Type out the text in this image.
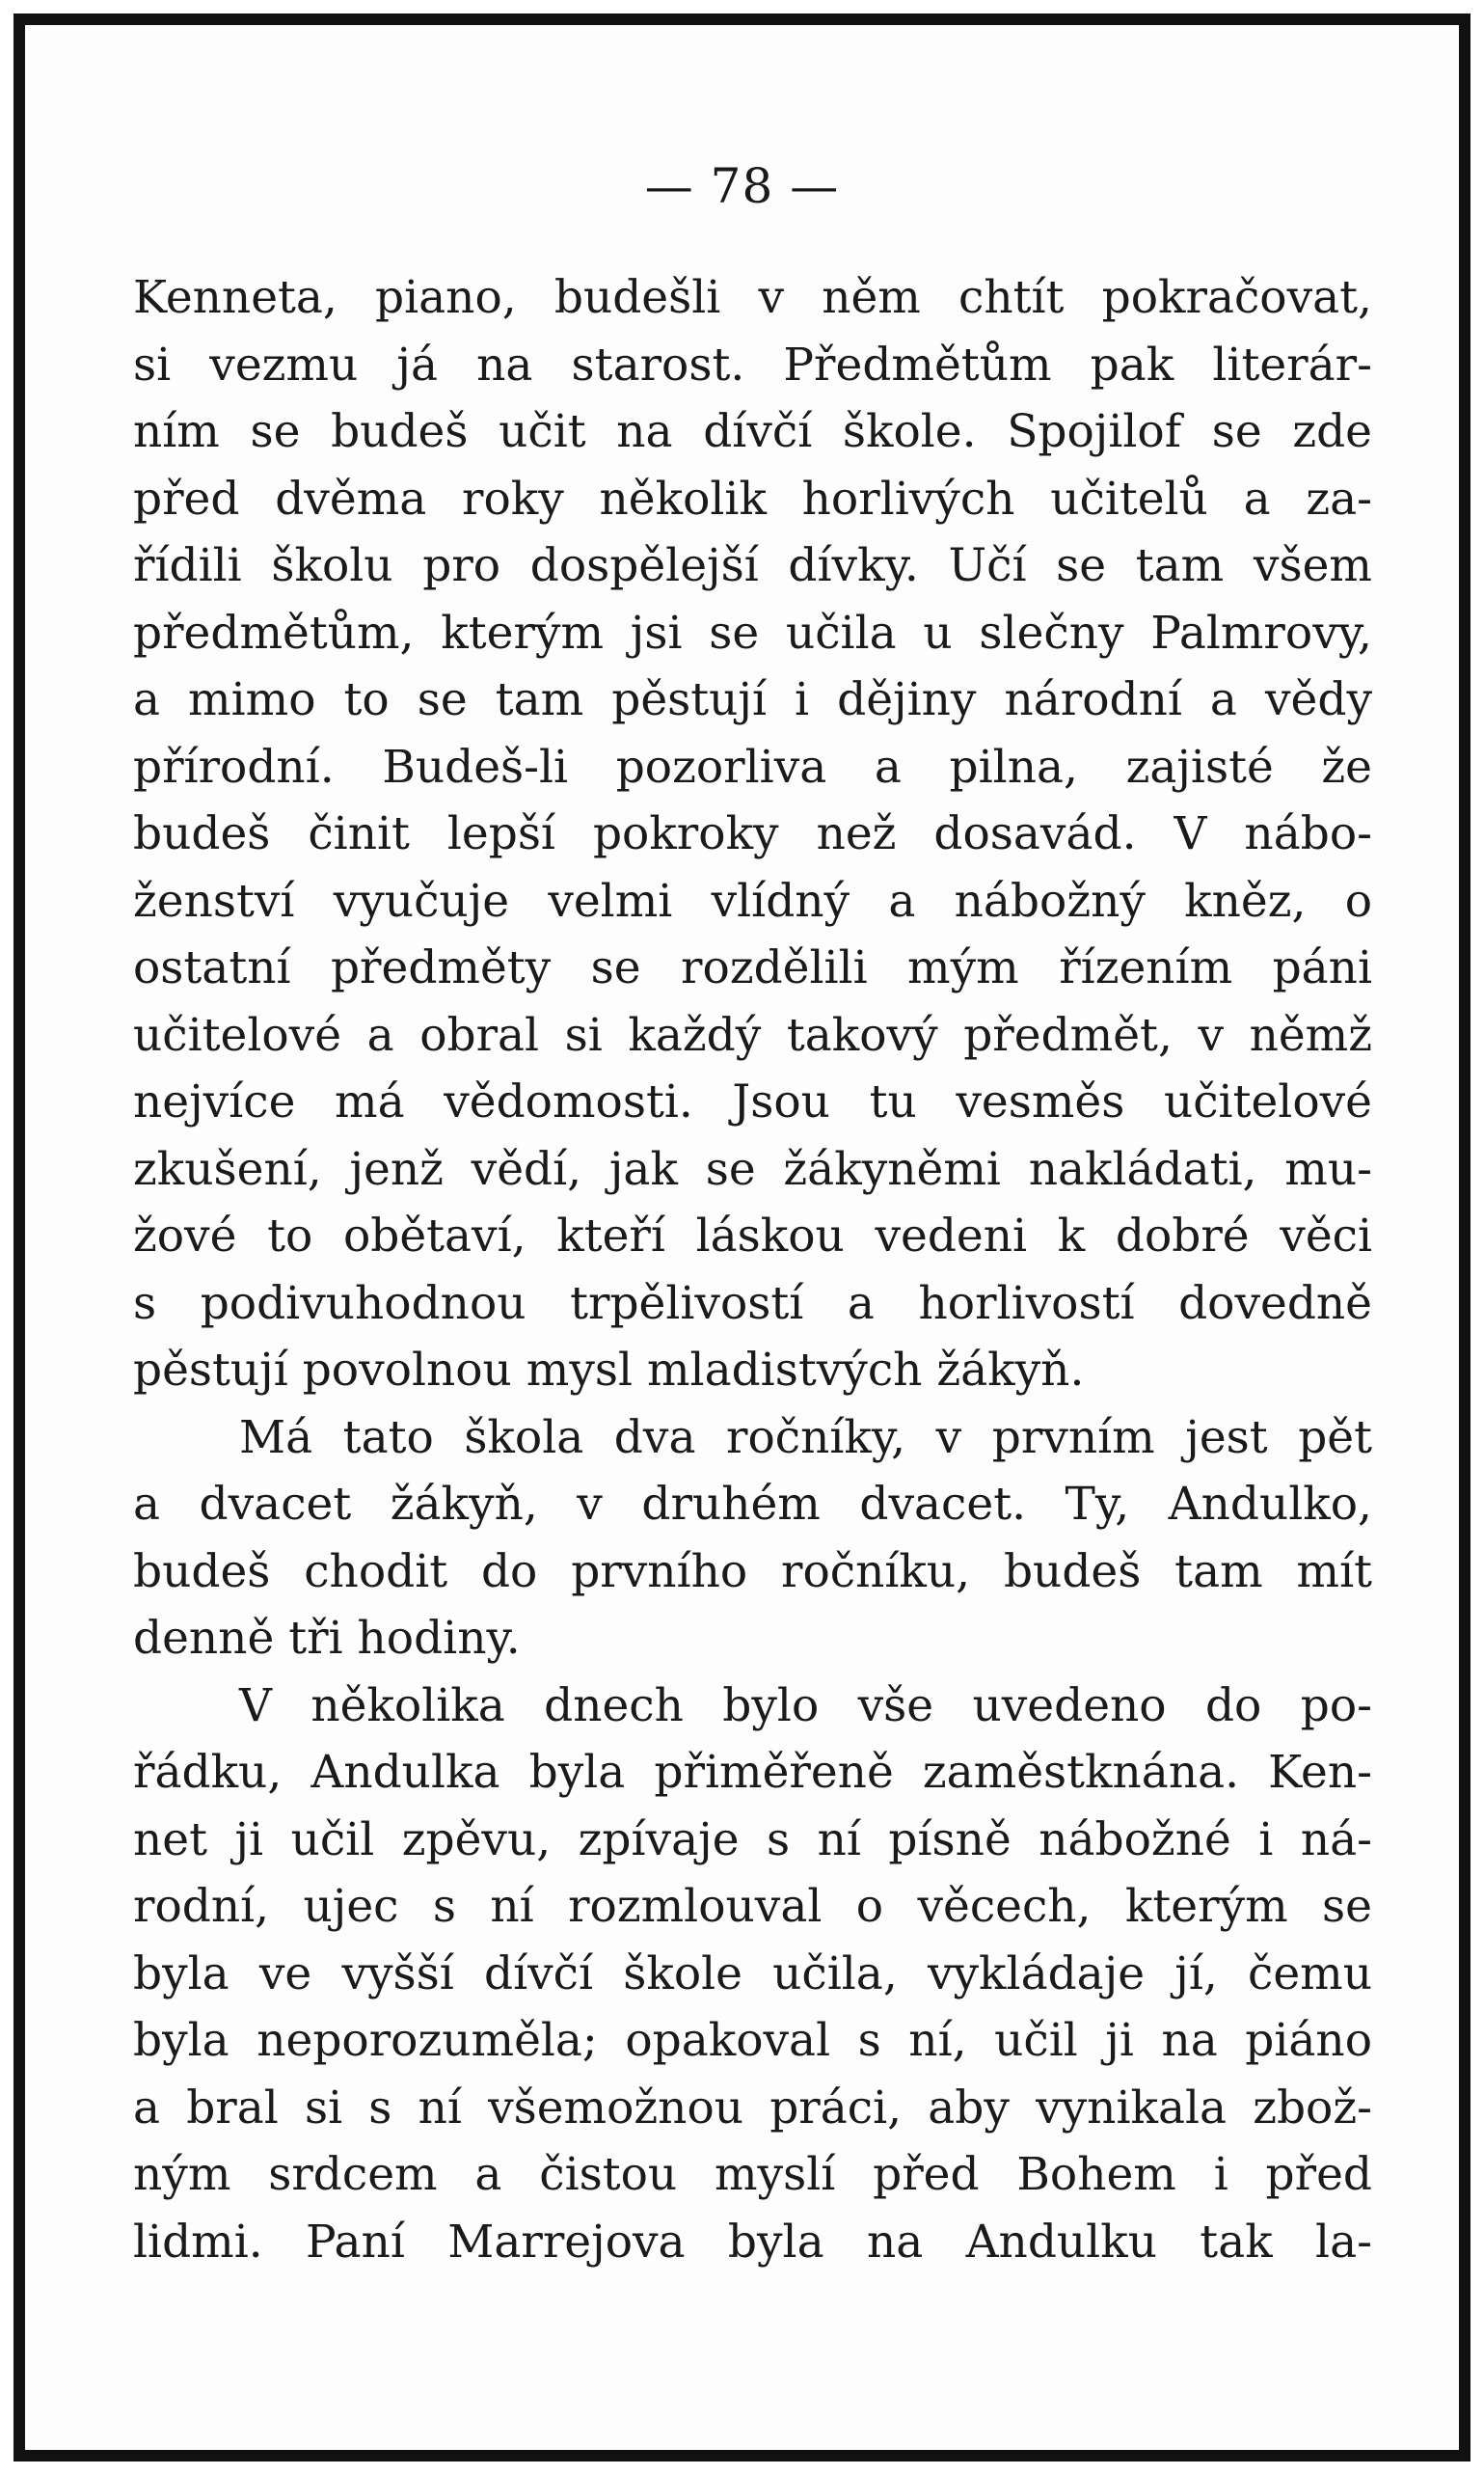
— 78 —
Kenneta, piano, budešli v něm chtít pokračovat,
si vezmu já na starost. Předmětům pak literár-
ním se budeš učit na dívčí škole. Spojilof se zde
před dvěma roky několik horlivých učitelů a za-
řídili školu pro dospělejší dívky. Učí se tam všem
předmětům, kterým jsi se učila u slečny Palmrovy,
a mimo to se tam pěstují i dějiny národní a vědy
přírodní. Budeš-li pozorliva a pilna, zajisté že
budeš činit lepší pokroky než dosavád. V nábo-
ženství vyučuje velmi vlídný a nábožný kněz, o
ostatní předměty se rozdělili mým řízením páni
učitelové a obral si každý takový předmět, v němž
nejvíce má vědomosti. Jsou tu vesměs učitelové
zkušení, jenž vědí, jak se žákyněmi nakládati, mu-
žové to obětaví, kteří láskou vedeni k dobré věci
s podivuhodnou trpělivostí a horlivostí dovedně
pěstují povolnou mysl mladistvých žákyň.
Má tato škola dva ročníky, v prvním jest pět
a dvacet žákyň, v druhém dvacet. Ty, Andulko,
budeš chodit do prvního ročníku, budeš tam mít
denně tři hodiny.
V několika dnech bylo vše uvedeno do po-
řádku, Andulka byla přiměřeně zaměstknána. Ken-
net ji učil zpěvu, zpívaje s ní písně nábožné i ná-
rodní, ujec s ní rozmlouval o věcech, kterým se
byla ve vyšší dívčí škole učila, vykládaje jí, čemu
byla neporozuměla; opakoval s ní, učil ji na piáno
a bral si s ní všemožnou práci, aby vynikala zbož-
ným srdcem a čistou myslí před Bohem i před
lidmi. Paní Marrejova byla na Andulku tak la-
